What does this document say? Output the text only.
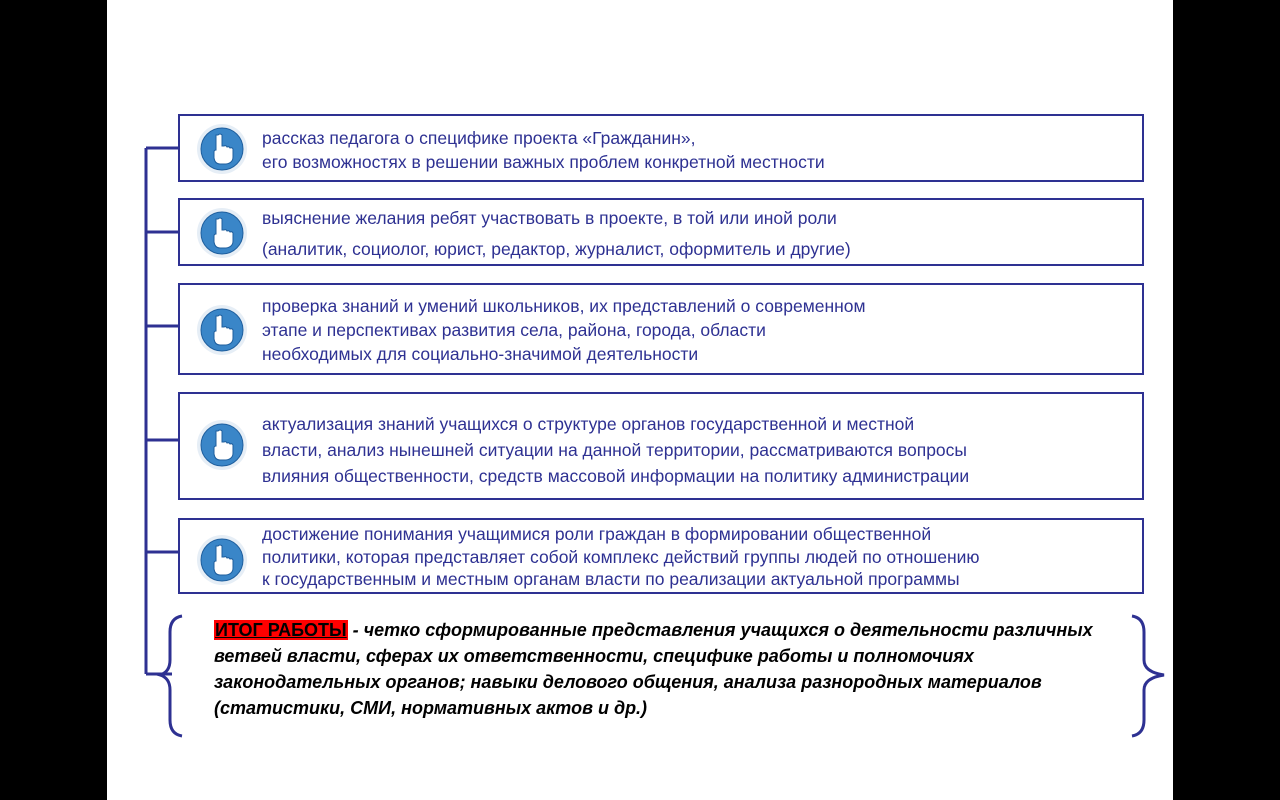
рассказ педагога о специфике проекта «Гражданин»,
его возможностях в решении важных проблем конкретной местности
выяснение желания ребят участвовать в проекте, в той или иной роли
(аналитик, социолог, юрист, редактор, журналист, оформитель и другие)
проверка знаний и умений школьников, их представлений о современном
этапе и перспективах развития села, района, города, области
необходимых для социально-значимой деятельности
актуализация знаний учащихся о структуре органов государственной и местной
власти, анализ нынешней ситуации на данной территории, рассматриваются вопросы
влияния общественности, средств массовой информации на политику администрации
достижение понимания учащимися роли граждан в формировании общественной
политики, которая представляет собой комплекс действий группы людей по отношению
к государственным и местным органам власти по реализации актуальной программы
ИТОГ РАБОТЫ - четко сформированные представления учащихся о деятельности различных ветвей власти, сферах их ответственности, специфике работы и полномочиях законодательных органов; навыки делового общения, анализа разнородных материалов (статистики, СМИ, нормативных актов и др.)
